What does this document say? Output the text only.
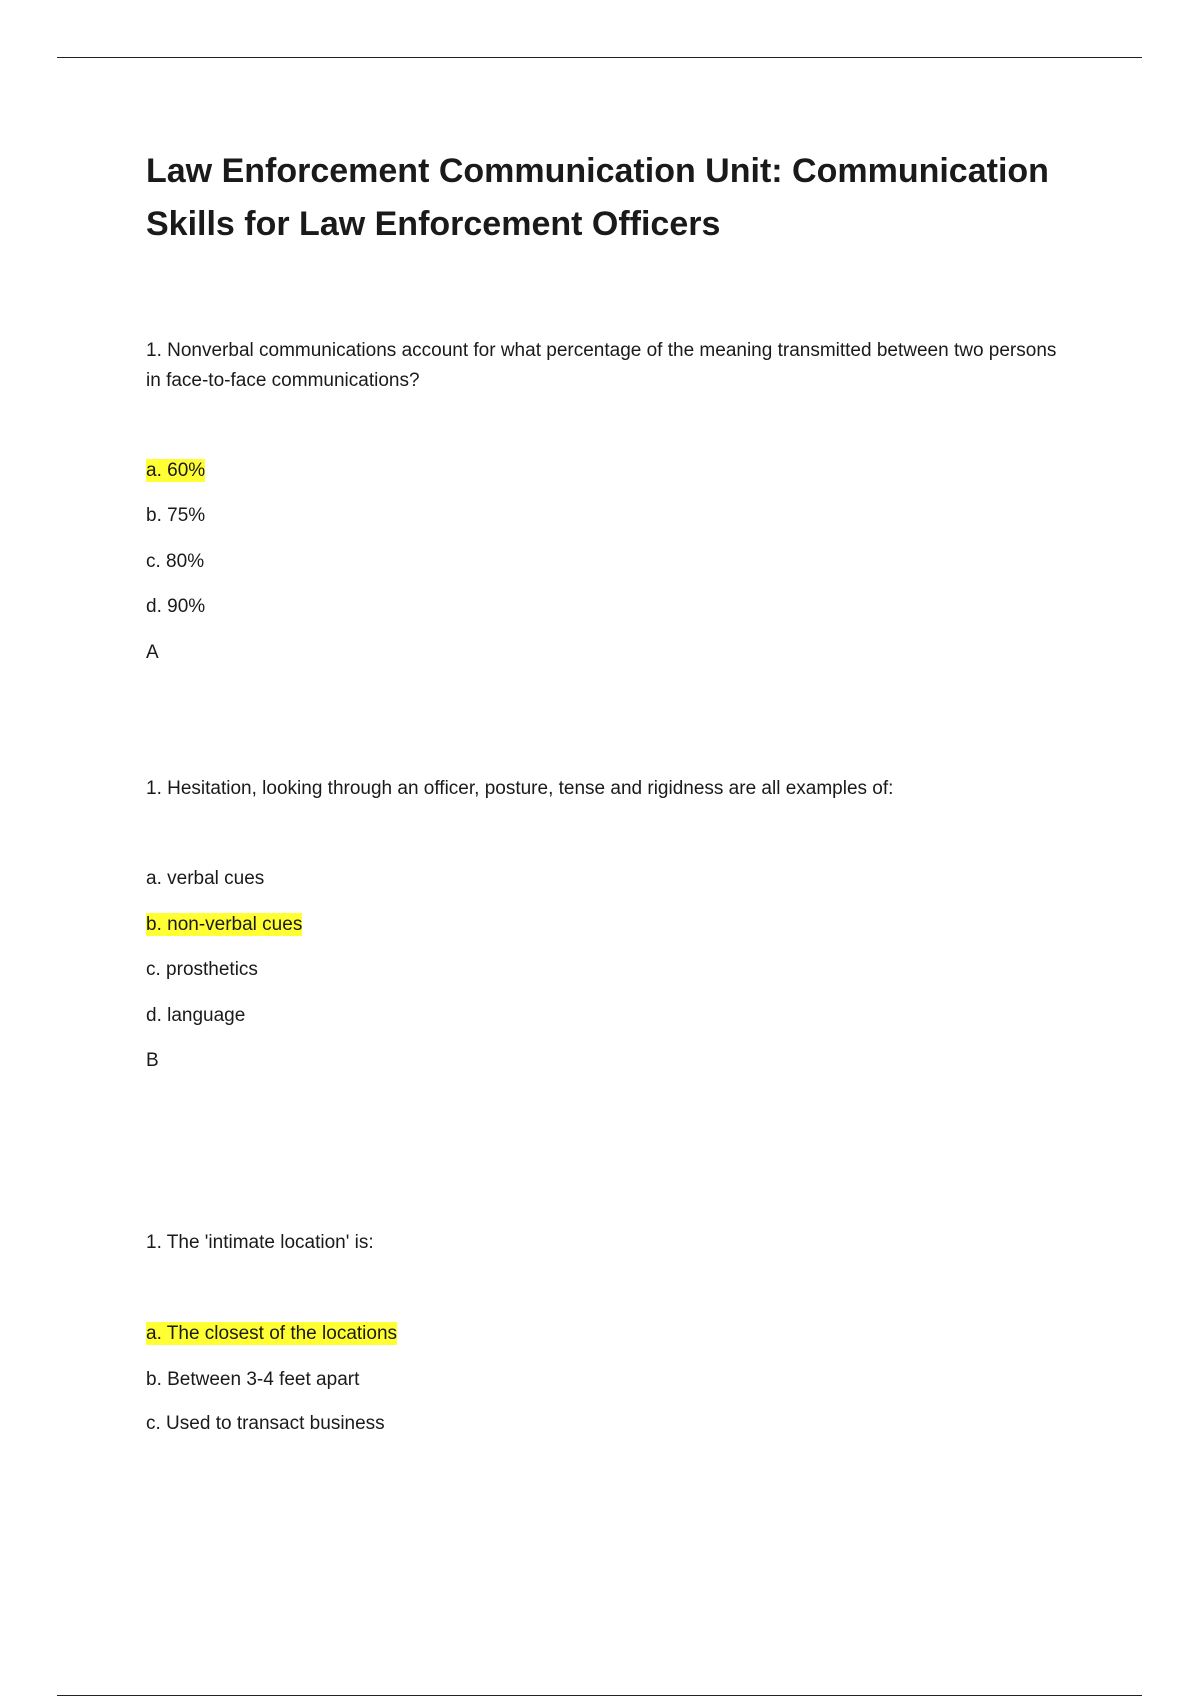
Law Enforcement Communication Unit: Communication Skills for Law Enforcement Officers

1. Nonverbal communications account for what percentage of the meaning transmitted between two persons in face-to-face communications?

a. 60%

b. 75%

c. 80%

d. 90%

A

1. Hesitation, looking through an officer, posture, tense and rigidness are all examples of:

a. verbal cues

b. non-verbal cues

c. prosthetics

d. language

B

1. The 'intimate location' is:

a. The closest of the locations

b. Between 3-4 feet apart

c. Used to transact business
